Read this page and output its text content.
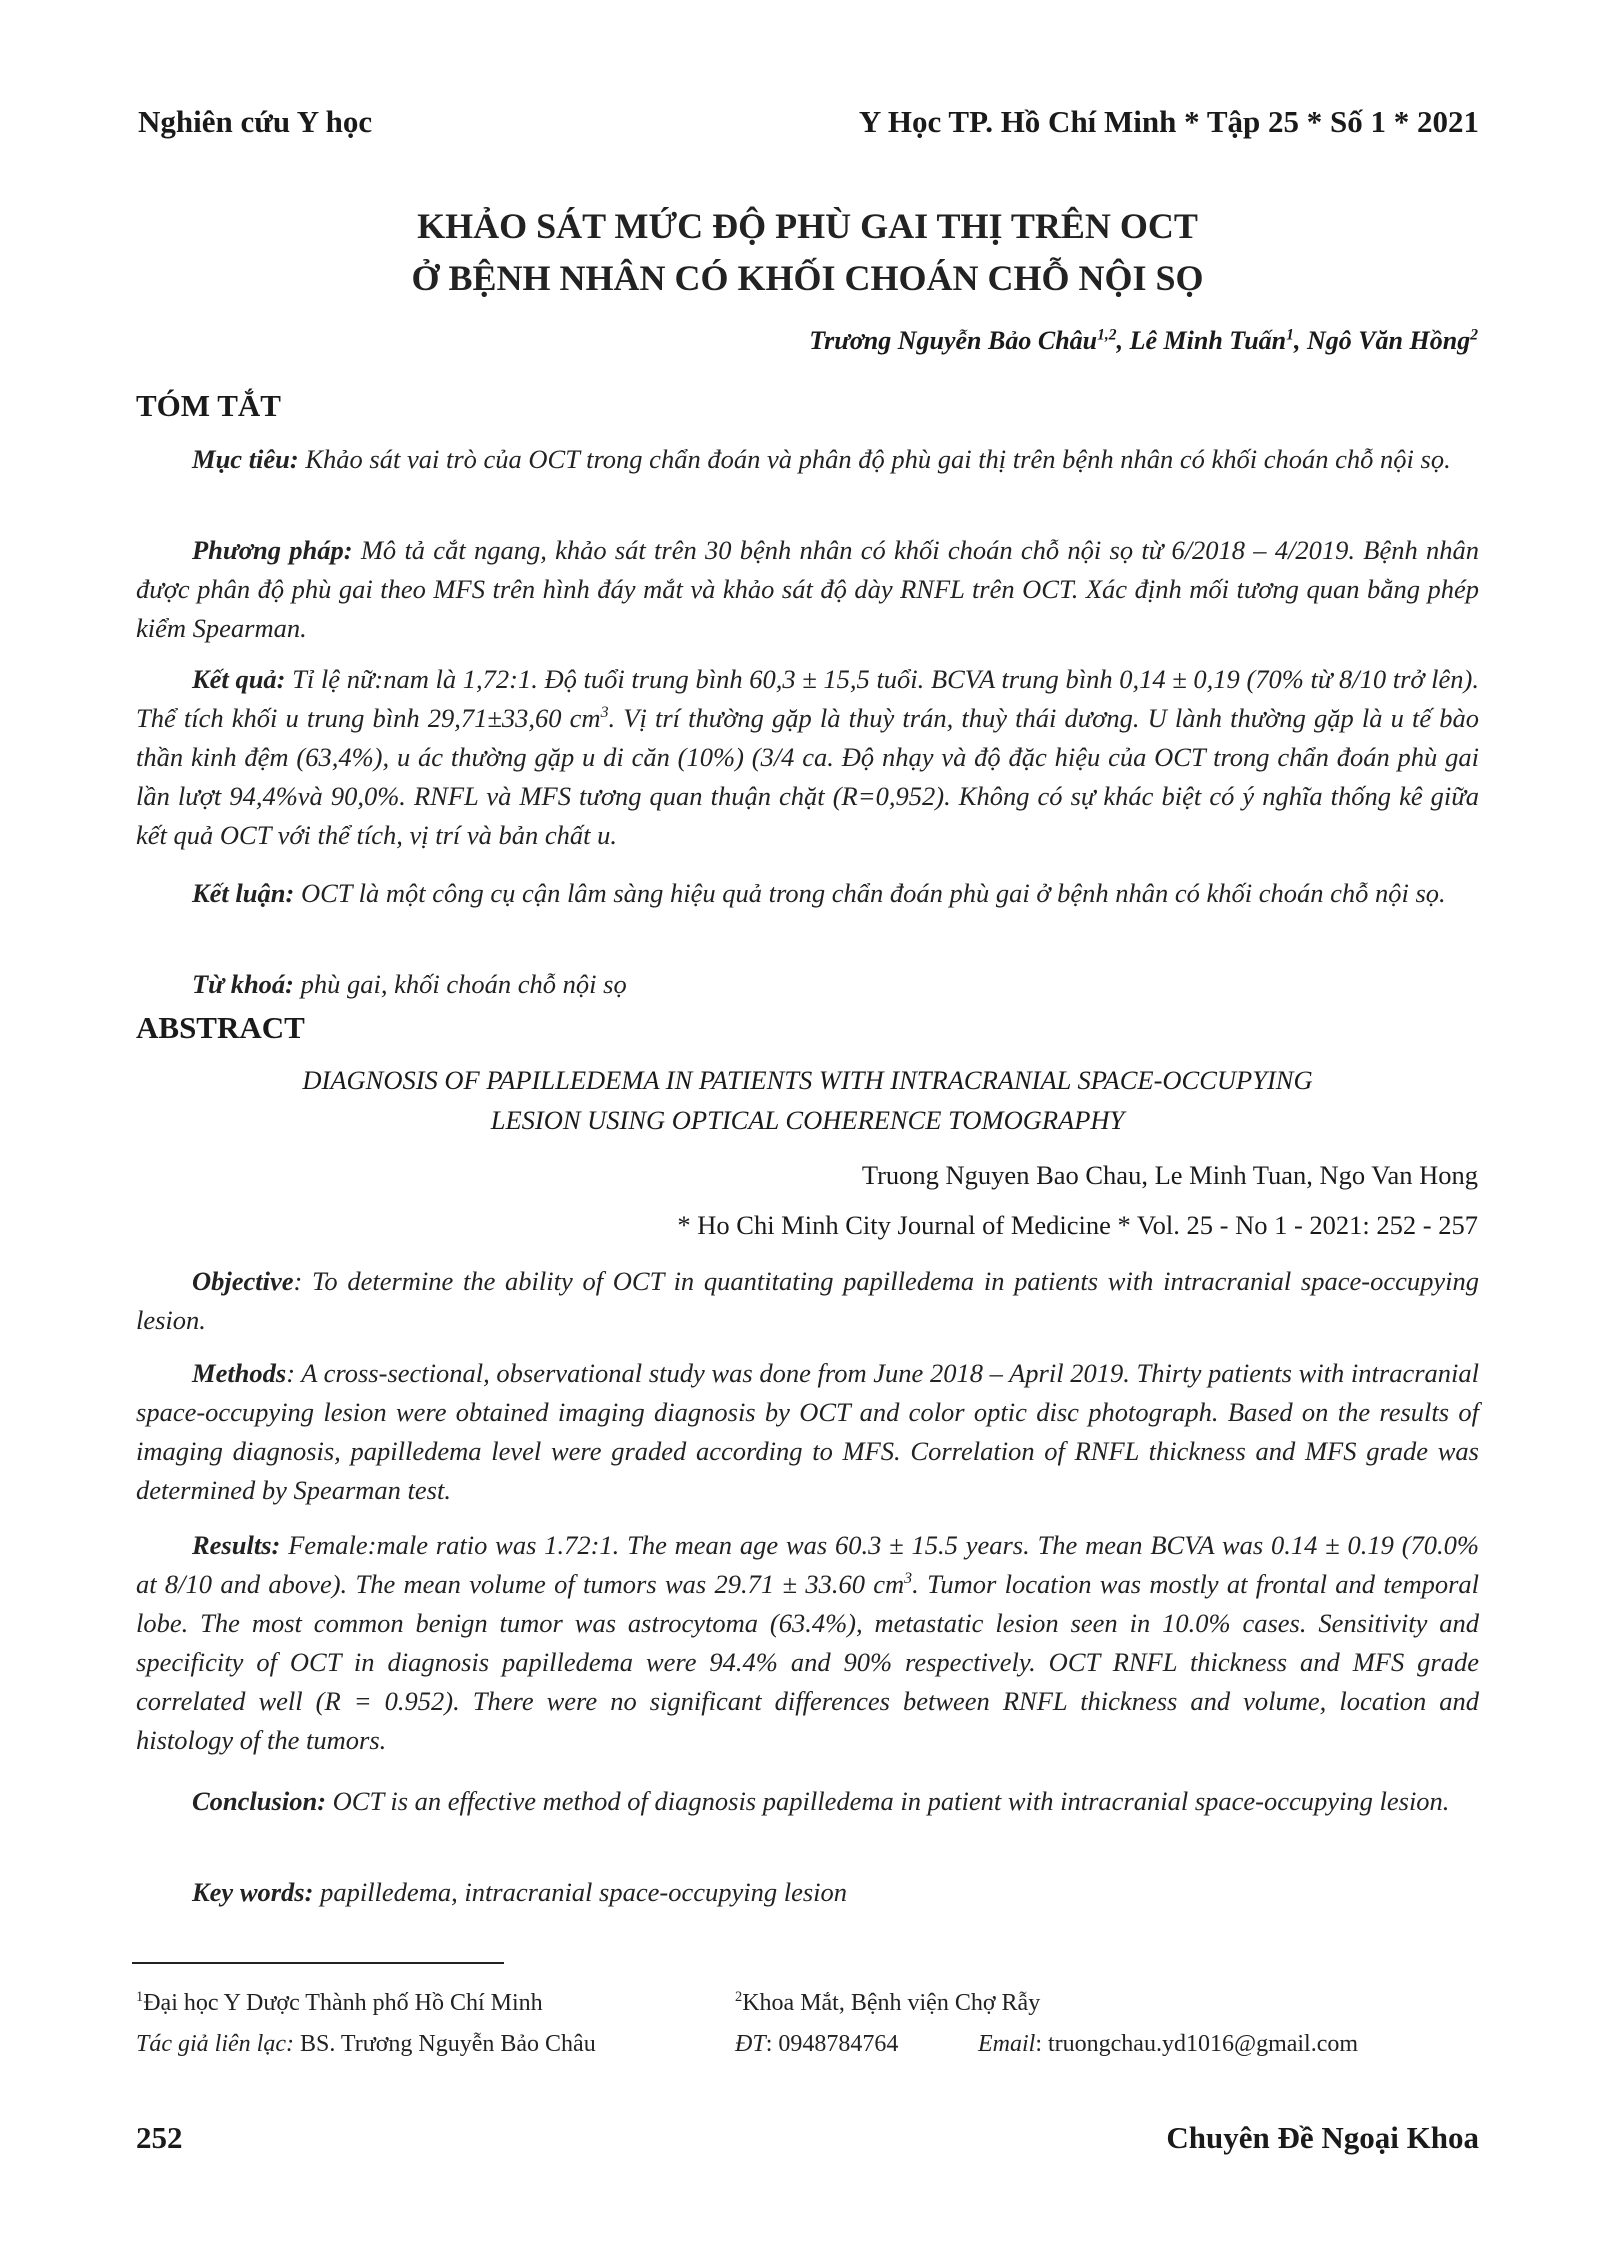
Nghiên cứu Y học	Y Học TP. Hồ Chí Minh * Tập 25 * Số 1 * 2021
KHẢO SÁT MỨC ĐỘ PHÙ GAI THỊ TRÊN OCT
Ở BỆNH NHÂN CÓ KHỐI CHOÁN CHỖ NỘI SỌ
Trương Nguyễn Bảo Châu$^{1,2}$, Lê Minh Tuấn$^1$, Ngô Văn Hồng$^2$
TÓM TẮT
Mục tiêu: Khảo sát vai trò của OCT trong chẩn đoán và phân độ phù gai thị trên bệnh nhân có khối choán chỗ nội sọ.
Phương pháp: Mô tả cắt ngang, khảo sát trên 30 bệnh nhân có khối choán chỗ nội sọ từ 6/2018 – 4/2019. Bệnh nhân được phân độ phù gai theo MFS trên hình đáy mắt và khảo sát độ dày RNFL trên OCT. Xác định mối tương quan bằng phép kiểm Spearman.
Kết quả: Tỉ lệ nữ:nam là 1,72:1. Độ tuổi trung bình 60,3 ± 15,5 tuổi. BCVA trung bình 0,14 ± 0,19 (70% từ 8/10 trở lên). Thể tích khối u trung bình 29,71±33,60 $cm^3$. Vị trí thường gặp là thuỳ trán, thuỳ thái dương. U lành thường gặp là u tế bào thần kinh đệm (63,4%), u ác thường gặp u di căn (10%) (3/4 ca. Độ nhạy và độ đặc hiệu của OCT trong chẩn đoán phù gai lần lượt 94,4%và 90,0%. RNFL và MFS tương quan thuận chặt (R=0,952). Không có sự khác biệt có ý nghĩa thống kê giữa kết quả OCT với thể tích, vị trí và bản chất u.
Kết luận: OCT là một công cụ cận lâm sàng hiệu quả trong chẩn đoán phù gai ở bệnh nhân có khối choán chỗ nội sọ.
Từ khoá: phù gai, khối choán chỗ nội sọ
ABSTRACT
DIAGNOSIS OF PAPILLEDEMA IN PATIENTS WITH INTRACRANIAL SPACE-OCCUPYING
LESION USING OPTICAL COHERENCE TOMOGRAPHY
Truong Nguyen Bao Chau, Le Minh Tuan, Ngo Van Hong
* Ho Chi Minh City Journal of Medicine * Vol. 25 - No 1 - 2021: 252 - 257
Objective: To determine the ability of OCT in quantitating papilledema in patients with intracranial space-occupying lesion.
Methods: A cross-sectional, observational study was done from June 2018 – April 2019. Thirty patients with intracranial space-occupying lesion were obtained imaging diagnosis by OCT and color optic disc photograph. Based on the results of imaging diagnosis, papilledema level were graded according to MFS. Correlation of RNFL thickness and MFS grade was determined by Spearman test.
Results: Female:male ratio was 1.72:1. The mean age was 60.3 ± 15.5 years. The mean BCVA was 0.14 ± 0.19 (70.0% at 8/10 and above). The mean volume of tumors was 29.71 ± 33.60 $cm^3$. Tumor location was mostly at frontal and temporal lobe. The most common benign tumor was astrocytoma (63.4%), metastatic lesion seen in 10.0% cases. Sensitivity and specificity of OCT in diagnosis papilledema were 94.4% and 90% respectively. OCT RNFL thickness and MFS grade correlated well (R = 0.952). There were no significant differences between RNFL thickness and volume, location and histology of the tumors.
Conclusion: OCT is an effective method of diagnosis papilledema in patient with intracranial space-occupying lesion.
Key words: papilledema, intracranial space-occupying lesion
$^1$Đại học Y Dược Thành phố Hồ Chí Minh	$^2$Khoa Mắt, Bệnh viện Chợ Rẫy
Tác giả liên lạc: BS. Trương Nguyễn Bảo Châu	ĐT: 0948784764	Email: truongchau.yd1016@gmail.com
252	Chuyên Đề Ngoại Khoa
